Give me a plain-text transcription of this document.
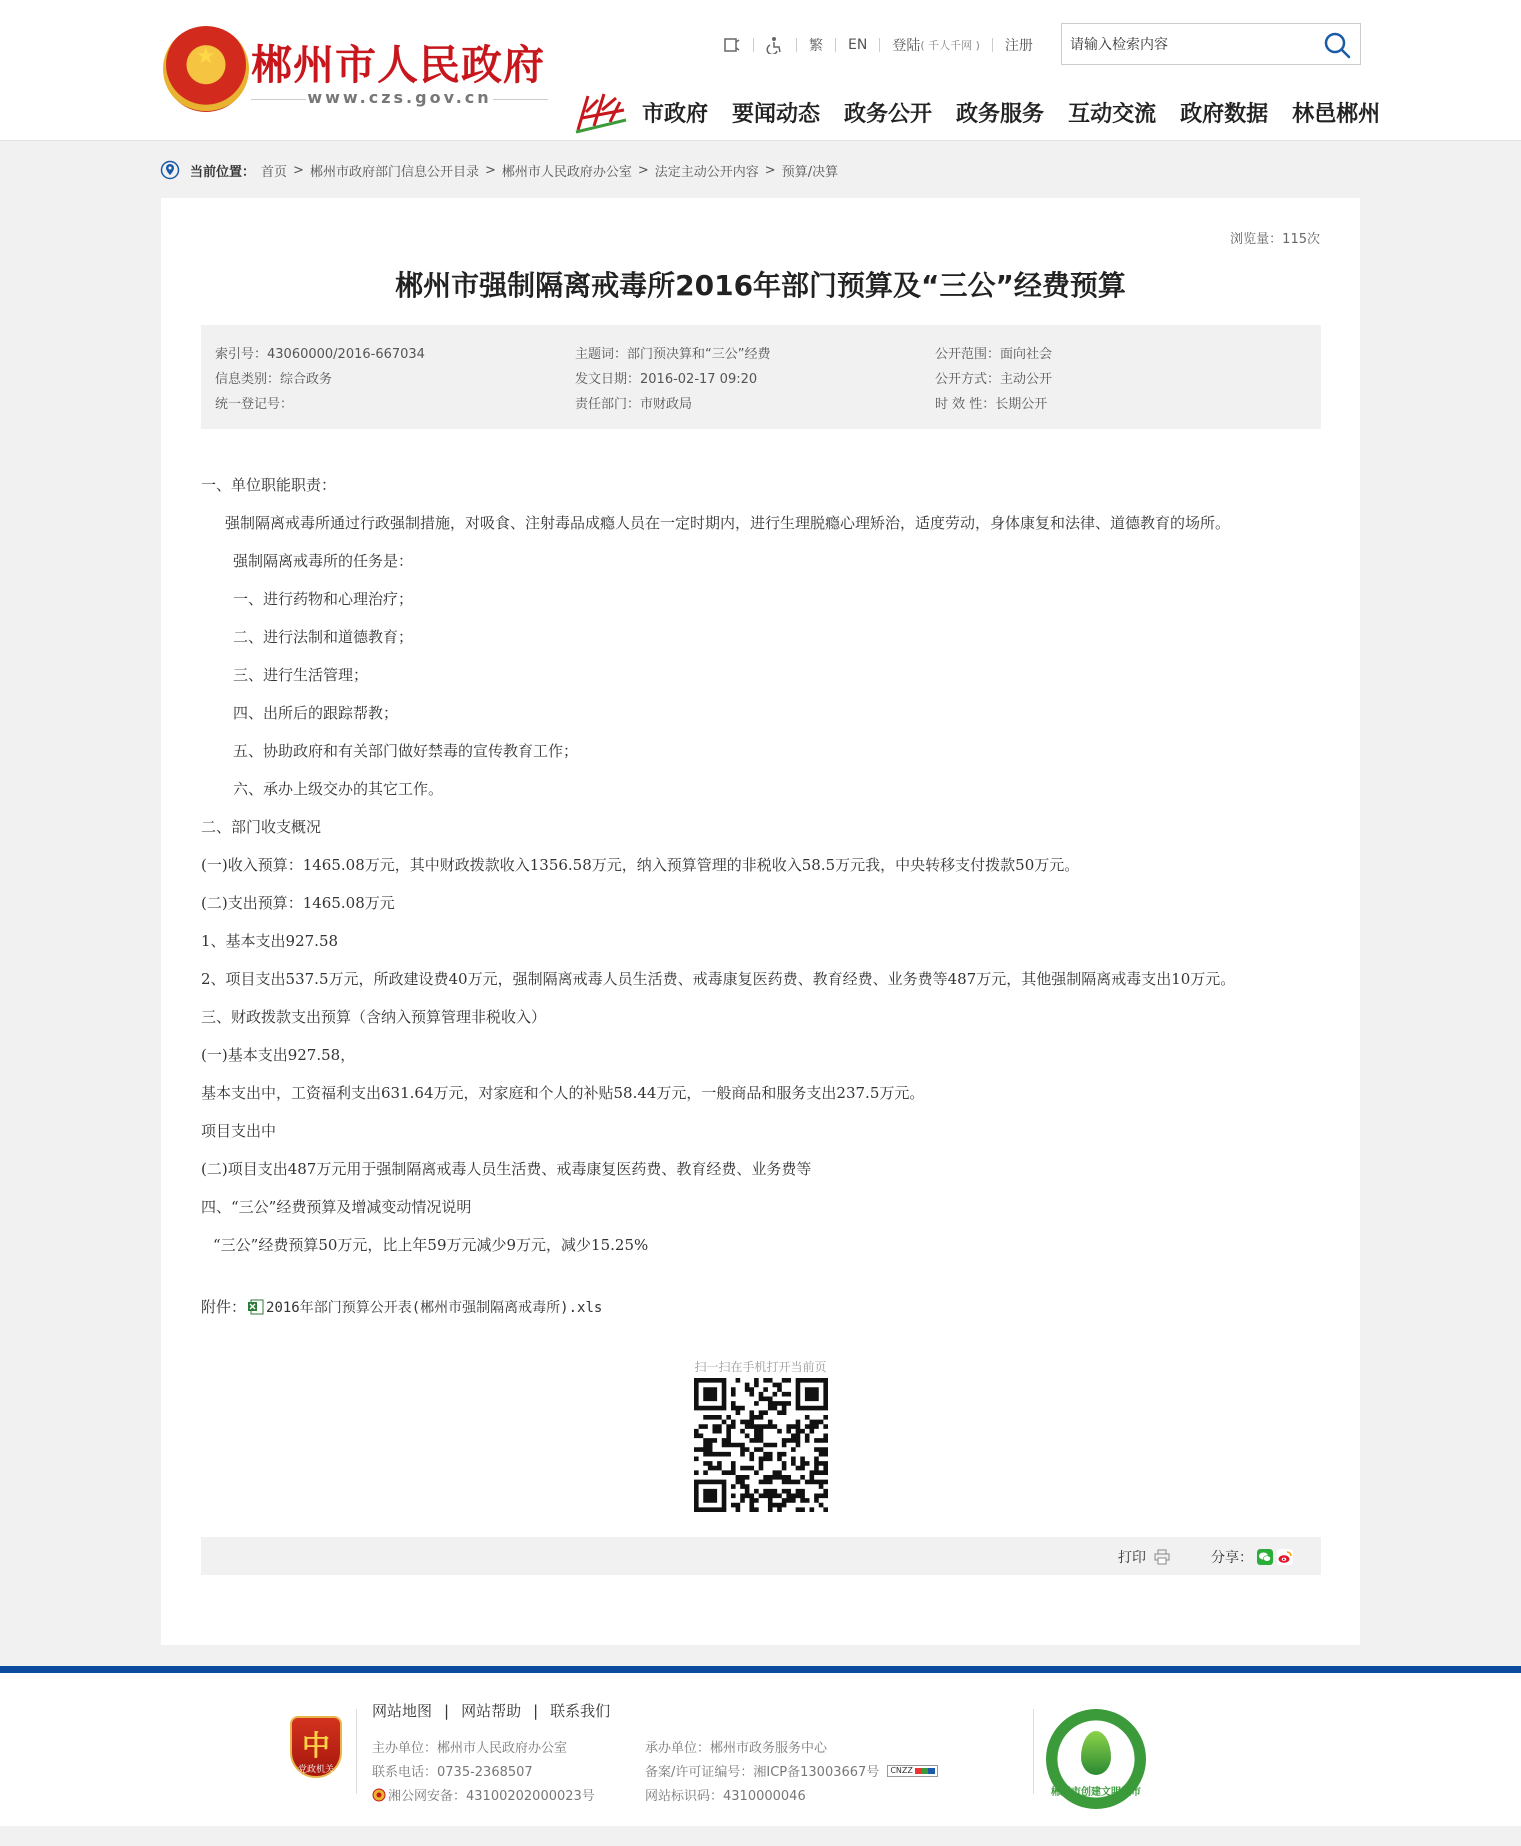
★ 郴州市人民政府
www.czs.gov.cn
繁 EN 登陆 ( 千人千网 ) 注册
请输入检索内容
市政府 要闻动态 政务公开 政务服务 互动交流 政府数据 林邑郴州
当前位置： 首页 > 郴州市政府部门信息公开目录 > 郴州市人民政府办公室 > 法定主动公开内容 > 预算/决算
浏览量：115次
郴州市强制隔离戒毒所2016年部门预算及“三公”经费预算
索引号：43060000/2016-667034
信息类别：综合政务
统一登记号：
主题词：部门预决算和“三公”经费
发文日期：2016-02-17 09:20
责任部门：市财政局
公开范围：面向社会
公开方式：主动公开
时 效 性：长期公开

一、单位职能职责：

强制隔离戒毒所通过行政强制措施，对吸食、注射毒品成瘾人员在一定时期内，进行生理脱瘾心理矫治，适度劳动，身体康复和法律、道德教育的场所。

强制隔离戒毒所的任务是：

一、进行药物和心理治疗；

二、进行法制和道德教育；

三、进行生活管理；

四、出所后的跟踪帮教；

五、协助政府和有关部门做好禁毒的宣传教育工作；

六、承办上级交办的其它工作。

二、部门收支概况

(一)收入预算：1465.08万元，其中财政拨款收入1356.58万元，纳入预算管理的非税收入58.5万元我，中央转移支付拨款50万元。

(二)支出预算：1465.08万元

1、基本支出927.58

2、项目支出537.5万元，所政建设费40万元，强制隔离戒毒人员生活费、戒毒康复医药费、教育经费、业务费等487万元，其他强制隔离戒毒支出10万元。

三、财政拨款支出预算（含纳入预算管理非税收入）

(一)基本支出927.58，

基本支出中，工资福利支出631.64万元，对家庭和个人的补贴58.44万元，一般商品和服务支出237.5万元。

项目支出中

(二)项目支出487万元用于强制隔离戒毒人员生活费、戒毒康复医药费、教育经费、业务费等

四、“三公”经费预算及增减变动情况说明

“三公”经费预算50万元，比上年59万元减少9万元，减少15.25%

附件： 2016年部门预算公开表(郴州市强制隔离戒毒所).xls
扫一扫在手机打开当前页
打印	分享：
中
党政机关
网站地图 | 网站帮助 | 联系我们
主办单位：郴州市人民政府办公室
联系电话：0735-2368507
湘公网安备：43100202000023号
承办单位：郴州市政务服务中心
备案/许可证编号：湘ICP备13003667号 CNZZ
网站标识码：4310000046	郴州市创建文明城市
